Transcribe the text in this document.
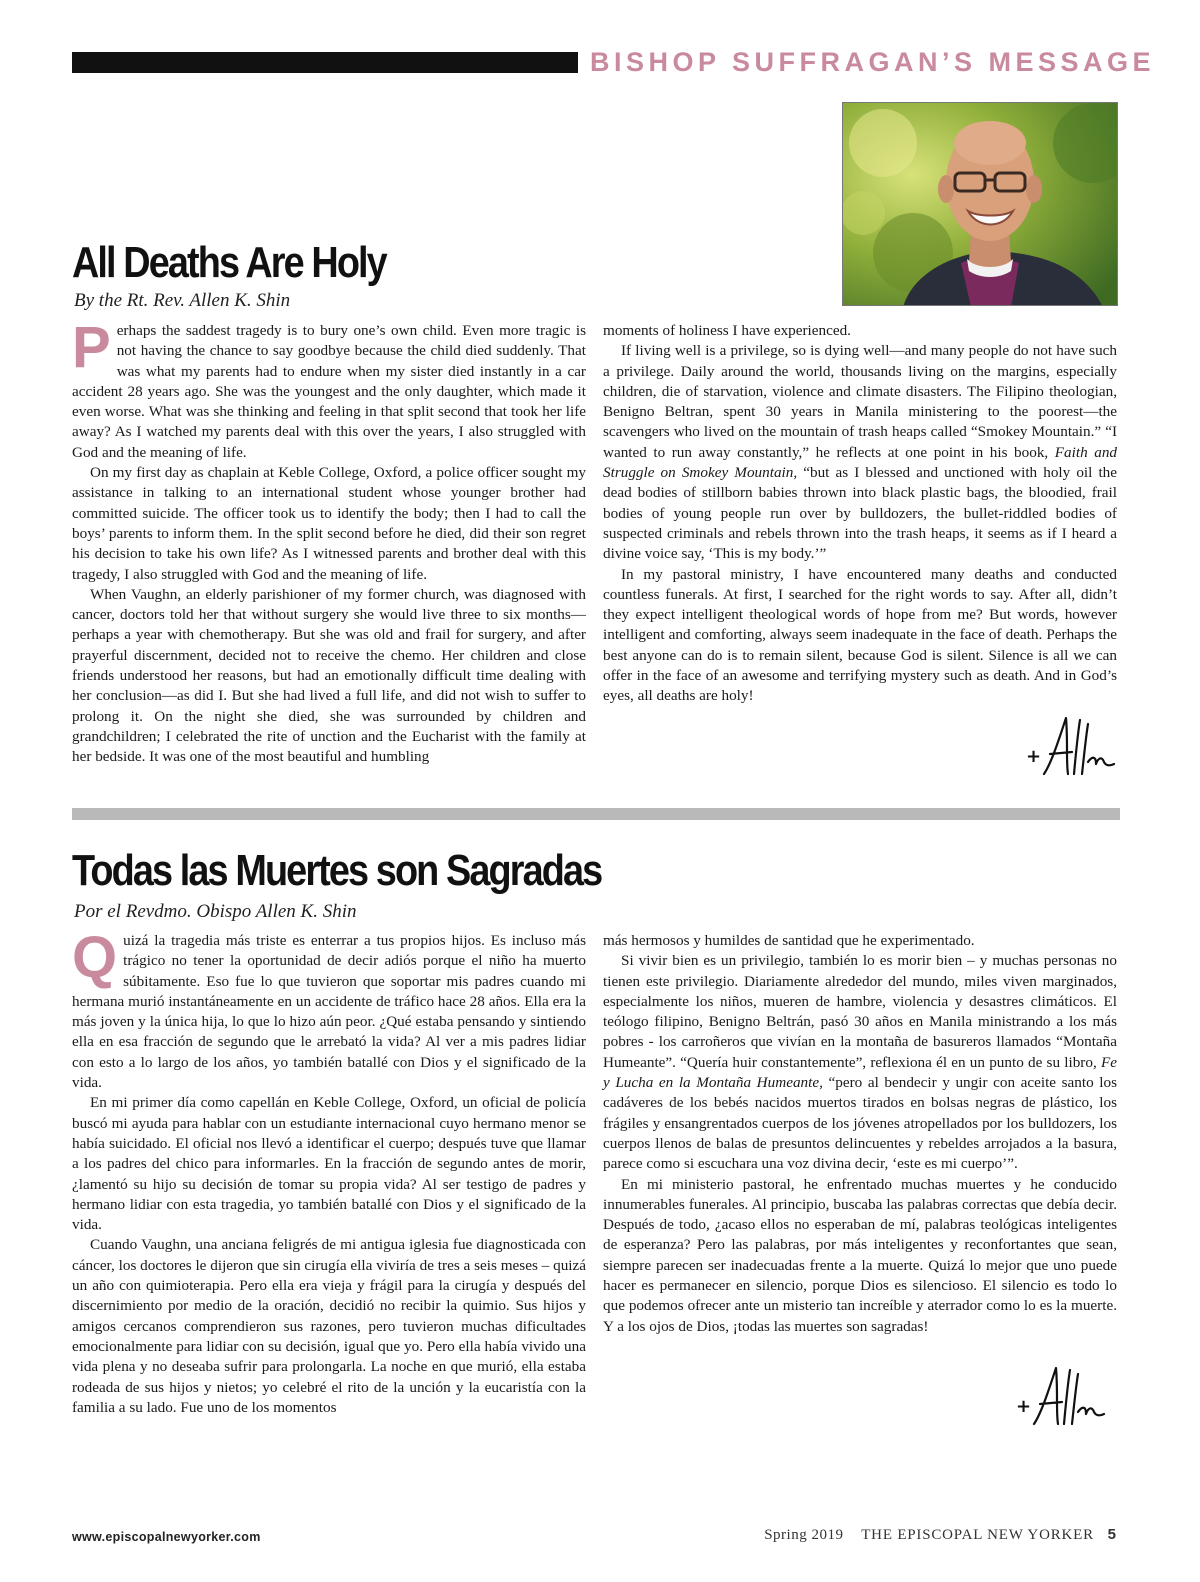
BISHOP SUFFRAGAN’S MESSAGE
All Deaths Are Holy
By the Rt. Rev. Allen K. Shin

Perhaps the saddest tragedy is to bury one’s own child. Even more tragic is not having the chance to say goodbye because the child died suddenly. That was what my parents had to endure when my sister died instantly in a car accident 28 years ago. She was the youngest and the only daughter, which made it even worse. What was she thinking and feeling in that split second that took her life away? As I watched my parents deal with this over the years, I also struggled with God and the meaning of life.

On my first day as chaplain at Keble College, Oxford, a police officer sought my assistance in talking to an international student whose younger brother had committed suicide. The officer took us to identify the body; then I had to call the boys’ parents to inform them. In the split second before he died, did their son regret his decision to take his own life? As I witnessed parents and brother deal with this tragedy, I also struggled with God and the meaning of life.

When Vaughn, an elderly parishioner of my former church, was diagnosed with cancer, doctors told her that without surgery she would live three to six months—perhaps a year with chemotherapy. But she was old and frail for surgery, and after prayerful discernment, decided not to receive the chemo. Her children and close friends understood her reasons, but had an emotionally difficult time dealing with her conclusion—as did I. But she had lived a full life, and did not wish to suffer to prolong it. On the night she died, she was surrounded by children and grandchildren; I celebrated the rite of unction and the Eucharist with the family at her bedside. It was one of the most beautiful and humbling

moments of holiness I have experienced.

If living well is a privilege, so is dying well—and many people do not have such a privilege. Daily around the world, thousands living on the margins, especially children, die of starvation, violence and climate disasters. The Filipino theologian, Benigno Beltran, spent 30 years in Manila ministering to the poorest—the scavengers who lived on the mountain of trash heaps called “Smokey Mountain.” “I wanted to run away constantly,” he reflects at one point in his book, Faith and Struggle on Smokey Mountain, “but as I blessed and unctioned with holy oil the dead bodies of stillborn babies thrown into black plastic bags, the bloodied, frail bodies of young people run over by bulldozers, the bullet-riddled bodies of suspected criminals and rebels thrown into the trash heaps, it seems as if I heard a divine voice say, ‘This is my body.’”

In my pastoral ministry, I have encountered many deaths and conducted countless funerals. At first, I searched for the right words to say. After all, didn’t they expect intelligent theological words of hope from me? But words, however intelligent and comforting, always seem inadequate in the face of death. Perhaps the best anyone can do is to remain silent, because God is silent. Silence is all we can offer in the face of an awesome and terrifying mystery such as death. And in God’s eyes, all deaths are holy!

+
Todas las Muertes son Sagradas
Por el Revdmo. Obispo Allen K. Shin

Quizá la tragedia más triste es enterrar a tus propios hijos. Es incluso más trágico no tener la oportunidad de decir adiós porque el niño ha muerto súbitamente. Eso fue lo que tuvieron que soportar mis padres cuando mi hermana murió instantáneamente en un accidente de tráfico hace 28 años. Ella era la más joven y la única hija, lo que lo hizo aún peor. ¿Qué estaba pensando y sintiendo ella en esa fracción de segundo que le arrebató la vida? Al ver a mis padres lidiar con esto a lo largo de los años, yo también batallé con Dios y el significado de la vida.

En mi primer día como capellán en Keble College, Oxford, un oficial de policía buscó mi ayuda para hablar con un estudiante internacional cuyo hermano menor se había suicidado. El oficial nos llevó a identificar el cuerpo; después tuve que llamar a los padres del chico para informarles. En la fracción de segundo antes de morir, ¿lamentó su hijo su decisión de tomar su propia vida? Al ser testigo de padres y hermano lidiar con esta tragedia, yo también batallé con Dios y el significado de la vida.

Cuando Vaughn, una anciana feligrés de mi antigua iglesia fue diagnosticada con cáncer, los doctores le dijeron que sin cirugía ella viviría de tres a seis meses – quizá un año con quimioterapia. Pero ella era vieja y frágil para la cirugía y después del discernimiento por medio de la oración, decidió no recibir la quimio. Sus hijos y amigos cercanos comprendieron sus razones, pero tuvieron muchas dificultades emocionalmente para lidiar con su decisión, igual que yo. Pero ella había vivido una vida plena y no deseaba sufrir para prolongarla. La noche en que murió, ella estaba rodeada de sus hijos y nietos; yo celebré el rito de la unción y la eucaristía con la familia a su lado. Fue uno de los momentos

más hermosos y humildes de santidad que he experimentado.

Si vivir bien es un privilegio, también lo es morir bien – y muchas personas no tienen este privilegio. Diariamente alrededor del mundo, miles viven marginados, especialmente los niños, mueren de hambre, violencia y desastres climáticos. El teólogo filipino, Benigno Beltrán, pasó 30 años en Manila ministrando a los más pobres - los carroñeros que vivían en la montaña de basureros llamados “Montaña Humeante”. “Quería huir constantemente”, reflexiona él en un punto de su libro, Fe y Lucha en la Montaña Humeante, “pero al bendecir y ungir con aceite santo los cadáveres de los bebés nacidos muertos tirados en bolsas negras de plástico, los frágiles y ensangrentados cuerpos de los jóvenes atropellados por los bulldozers, los cuerpos llenos de balas de presuntos delincuentes y rebeldes arrojados a la basura, parece como si escuchara una voz divina decir, ‘este es mi cuerpo’”.

En mi ministerio pastoral, he enfrentado muchas muertes y he conducido innumerables funerales. Al principio, buscaba las palabras correctas que debía decir. Después de todo, ¿acaso ellos no esperaban de mí, palabras teológicas inteligentes de esperanza? Pero las palabras, por más inteligentes y reconfortantes que sean, siempre parecen ser inadecuadas frente a la muerte. Quizá lo mejor que uno puede hacer es permanecer en silencio, porque Dios es silencioso. El silencio es todo lo que podemos ofrecer ante un misterio tan increíble y aterrador como lo es la muerte. Y a los ojos de Dios, ¡todas las muertes son sagradas!

+
www.episcopalnewyorker.com	Spring 2019 THE EPISCOPAL NEW YORKER 5
